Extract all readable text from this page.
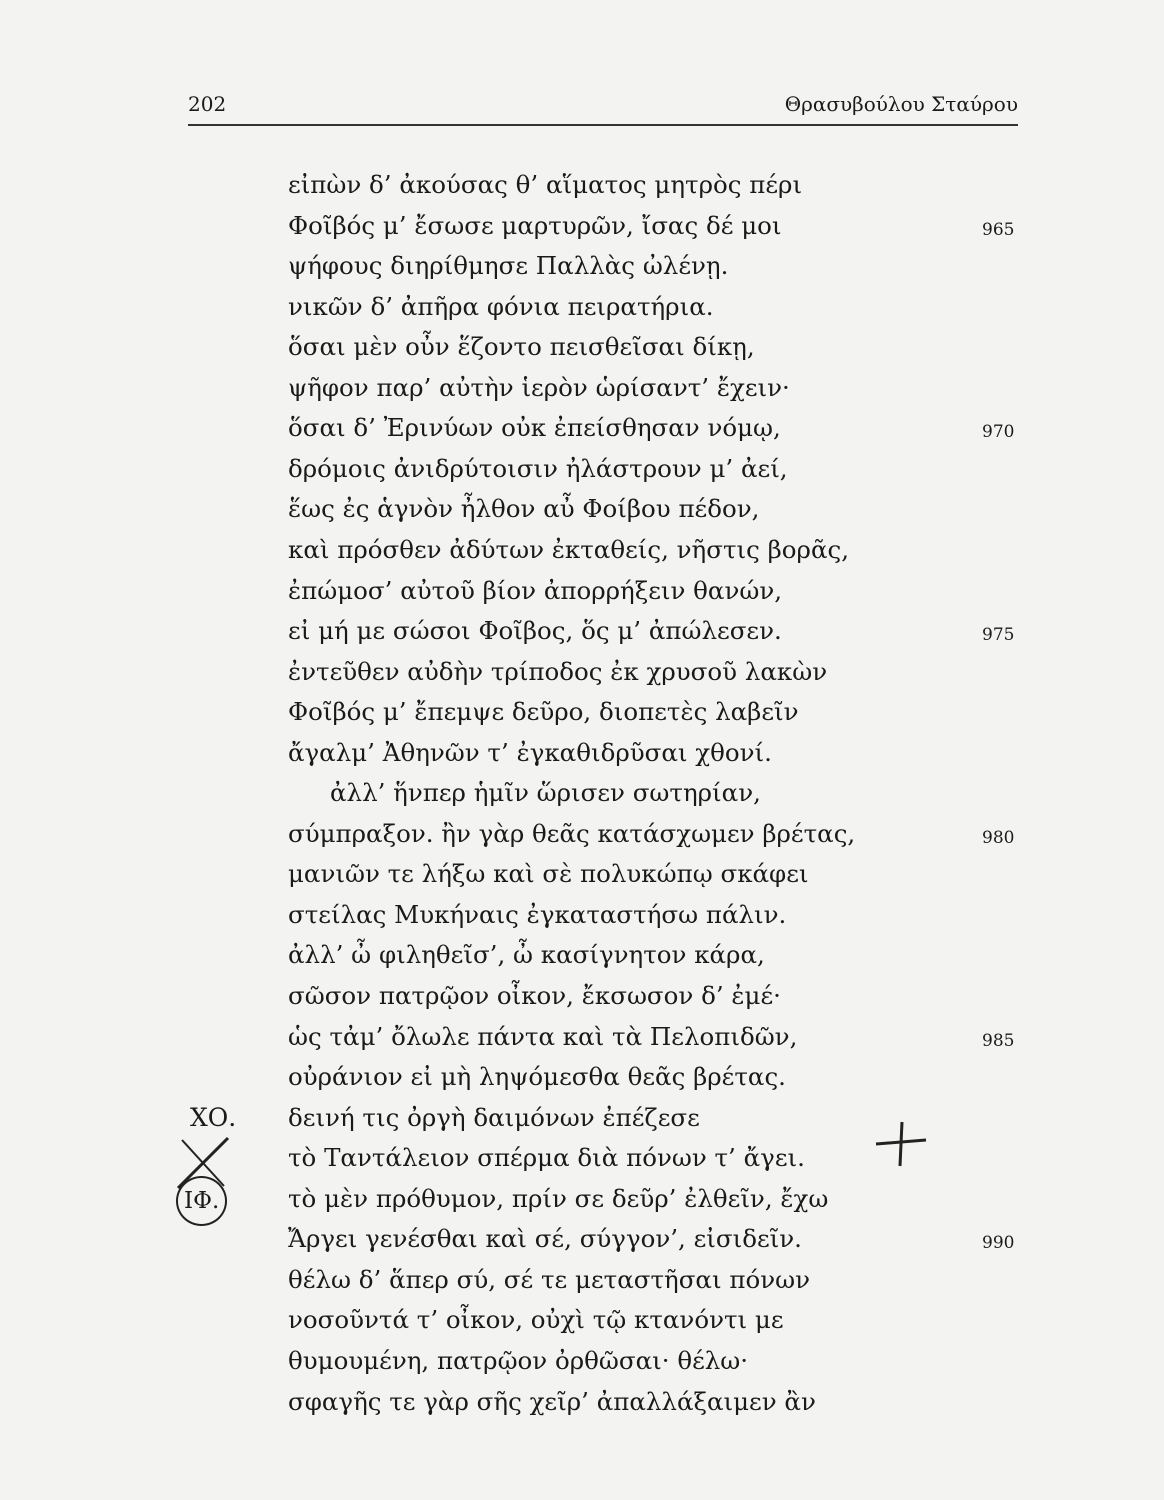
202	Θρασυβούλου Σταύρου
εἰπὼν δ’ ἀκούσας θ’ αἵματος μητρὸς πέρι
Φοῖβός μ’ ἔσωσε μαρτυρῶν, ἴσας δέ μοι	965
ψήφους διηρίθμησε Παλλὰς ὠλένῃ.
νικῶν δ’ ἀπῆρα φόνια πειρατήρια.
ὅσαι μὲν οὖν ἕζοντο πεισθεῖσαι δίκῃ,
ψῆφον παρ’ αὐτὴν ἱερὸν ὡρίσαντ’ ἔχειν·
ὅσαι δ’ Ἐρινύων οὐκ ἐπείσθησαν νόμῳ,	970
δρόμοις ἀνιδρύτοισιν ἠλάστρουν μ’ ἀεί,
ἕως ἐς ἁγνὸν ἦλθον αὖ Φοίβου πέδον,
καὶ πρόσθεν ἀδύτων ἐκταθείς, νῆστις βορᾶς,
ἐπώμοσ’ αὐτοῦ βίον ἀπορρήξειν θανών,
εἰ μή με σώσοι Φοῖβος, ὅς μ’ ἀπώλεσεν.	975
ἐντεῦθεν αὐδὴν τρίποδος ἐκ χρυσοῦ λακὼν
Φοῖβός μ’ ἔπεμψε δεῦρο, διοπετὲς λαβεῖν
ἄγαλμ’ Ἀθηνῶν τ’ ἐγκαθιδρῦσαι χθονί.
ἀλλ’ ἥνπερ ἡμῖν ὥρισεν σωτηρίαν,
σύμπραξον. ἢν γὰρ θεᾶς κατάσχωμεν βρέτας,	980
μανιῶν τε λήξω καὶ σὲ πολυκώπῳ σκάφει
στείλας Μυκήναις ἐγκαταστήσω πάλιν.
ἀλλ’ ὦ φιληθεῖσ’, ὦ κασίγνητον κάρα,
σῶσον πατρῷον οἶκον, ἔκσωσον δ’ ἐμέ·
ὡς τἀμ’ ὄλωλε πάντα καὶ τὰ Πελοπιδῶν,	985
οὐράνιον εἰ μὴ ληψόμεσθα θεᾶς βρέτας.
δεινή τις ὀργὴ δαιμόνων ἐπέζεσε
ΧΟ.
τὸ Ταντάλειον σπέρμα διὰ πόνων τ’ ἄγει.
τὸ μὲν πρόθυμον, πρίν σε δεῦρ’ ἐλθεῖν, ἔχω
ΙΦ.
Ἄργει γενέσθαι καὶ σέ, σύγγον’, εἰσιδεῖν.	990
θέλω δ’ ἅπερ σύ, σέ τε μεταστῆσαι πόνων
νοσοῦντά τ’ οἶκον, οὐχὶ τῷ κτανόντι με
θυμουμένη, πατρῷον ὀρθῶσαι· θέλω·
σφαγῆς τε γὰρ σῆς χεῖρ’ ἀπαλλάξαιμεν ἂν
